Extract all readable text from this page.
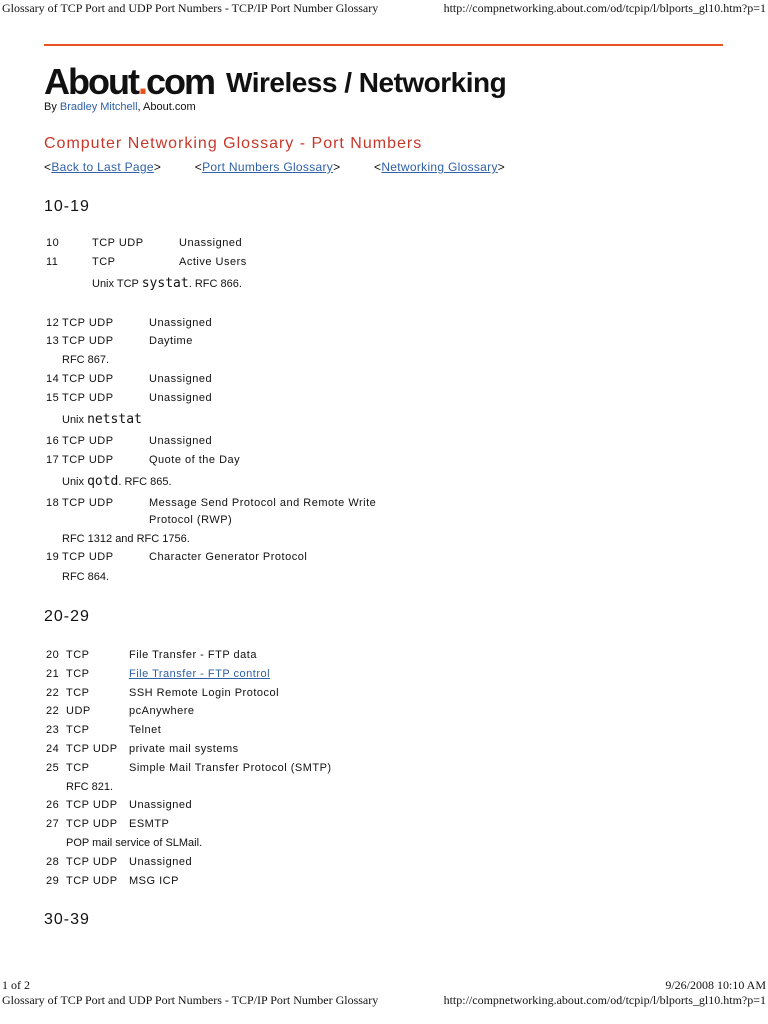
Glossary of TCP Port and UDP Port Numbers - TCP/IP Port Number Glossary	http://compnetworking.about.com/od/tcpip/l/blports_gl10.htm?p=1
About.com Wireless / Networking
By Bradley Mitchell, About.com
Computer Networking Glossary - Port Numbers
<Back to Last Page>	<Port Numbers Glossary>	<Networking Glossary>
10-19
10	TCP UDP	Unassigned
11	TCP	Active Users
Unix TCP systat. RFC 866.
12 TCP UDP	Unassigned
13 TCP UDP	Daytime
RFC 867.
14 TCP UDP	Unassigned
15 TCP UDP	Unassigned
Unix netstat
16 TCP UDP	Unassigned
17 TCP UDP	Quote of the Day
Unix qotd. RFC 865.
18 TCP UDP	Message Send Protocol and Remote Write
Protocol (RWP)
RFC 1312 and RFC 1756.
19 TCP UDP	Character Generator Protocol
RFC 864.
20-29
20 TCP	File Transfer - FTP data
21 TCP	File Transfer - FTP control
22 TCP	SSH Remote Login Protocol
22 UDP	pcAnywhere
23 TCP	Telnet
24 TCP UDP private mail systems
25 TCP	Simple Mail Transfer Protocol (SMTP)
RFC 821.
26 TCP UDP Unassigned
27 TCP UDP ESMTP
POP mail service of SLMail.
28 TCP UDP Unassigned
29 TCP UDP MSG ICP
30-39
1 of 2	9/26/2008 10:10 AM
Glossary of TCP Port and UDP Port Numbers - TCP/IP Port Number Glossary	http://compnetworking.about.com/od/tcpip/l/blports_gl10.htm?p=1
